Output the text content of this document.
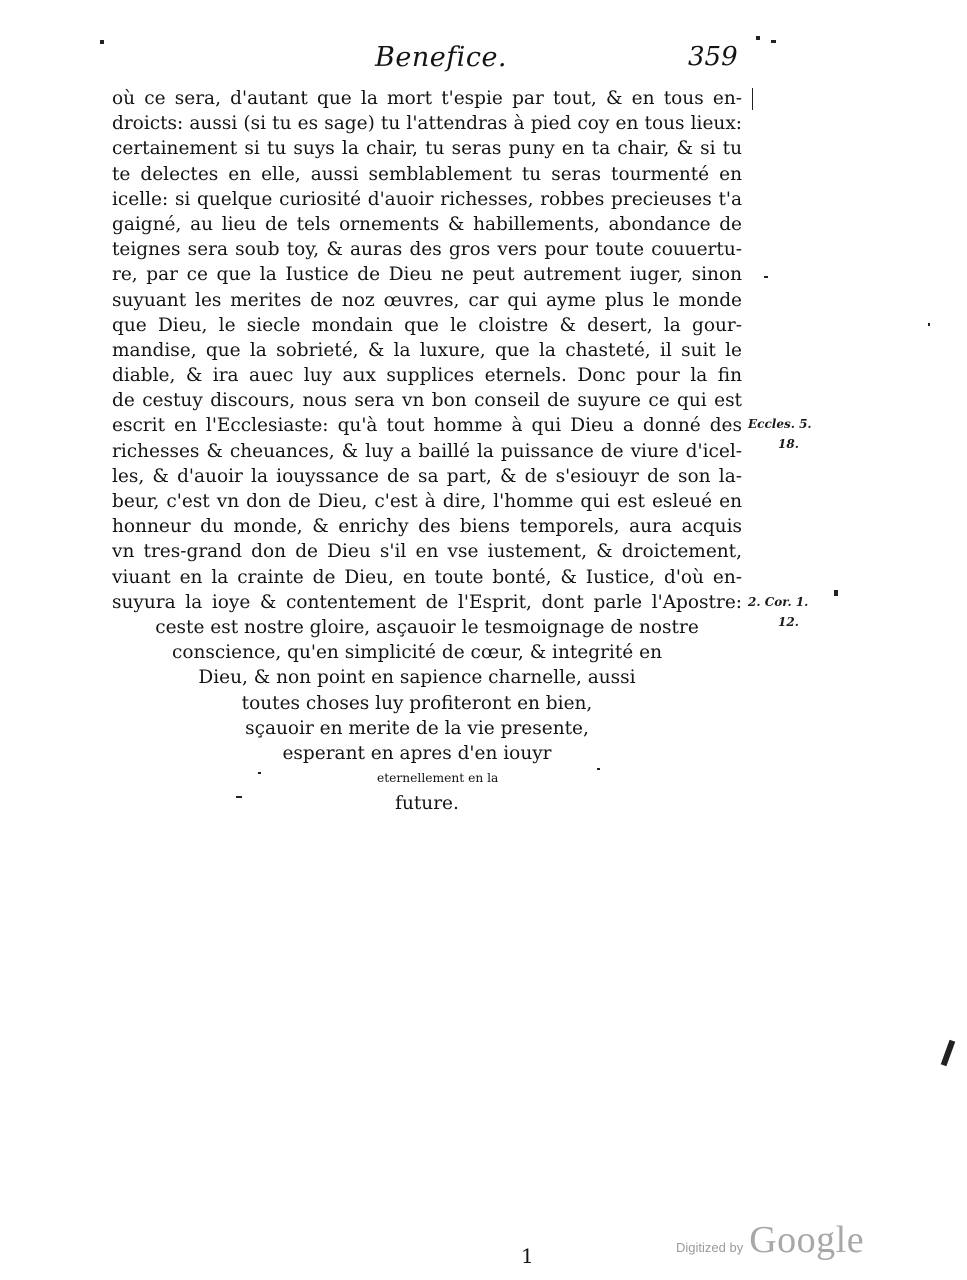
Benefice.	359
où ce sera, d'autant que la mort t'espie par tout, & en tous en-
droicts: aussi (si tu es sage) tu l'attendras à pied coy en tous lieux:
certainement si tu suys la chair, tu seras puny en ta chair, & si tu
te delectes en elle, aussi semblablement tu seras tourmenté en
icelle: si quelque curiosité d'auoir richesses, robbes precieuses t'a
gaigné, au lieu de tels ornements & habillements, abondance de
teignes sera soub toy, & auras des gros vers pour toute couuertu-
re, par ce que la Iustice de Dieu ne peut autrement iuger, sinon
suyuant les merites de noz œuvres, car qui ayme plus le monde
que Dieu, le siecle mondain que le cloistre & desert, la gour-
mandise, que la sobrieté, & la luxure, que la chasteté, il suit le
diable, & ira auec luy aux supplices eternels. Donc pour la fin
de cestuy discours, nous sera vn bon conseil de suyure ce qui est
escrit en l'Ecclesiaste: qu'à tout homme à qui Dieu a donné des
richesses & cheuances, & luy a baillé la puissance de viure d'icel-
les, & d'auoir la iouyssance de sa part, & de s'esiouyr de son la-
beur, c'est vn don de Dieu, c'est à dire, l'homme qui est esleué en
honneur du monde, & enrichy des biens temporels, aura acquis
vn tres-grand don de Dieu s'il en vse iustement, & droictement,
viuant en la crainte de Dieu, en toute bonté, & Iustice, d'où en-
suyura la ioye & contentement de l'Esprit, dont parle l'Apostre:
ceste est nostre gloire, asçauoir le tesmoignage de nostre
conscience, qu'en simplicité de cœur, & integrité en
Dieu, & non point en sapience charnelle, aussi
toutes choses luy profiteront en bien,
sçauoir en merite de la vie presente,
esperant en apres d'en iouyr
eternellement en la
future.
Eccles. 5.
18.
2. Cor. 1.
12.
1	Digitized by Google
